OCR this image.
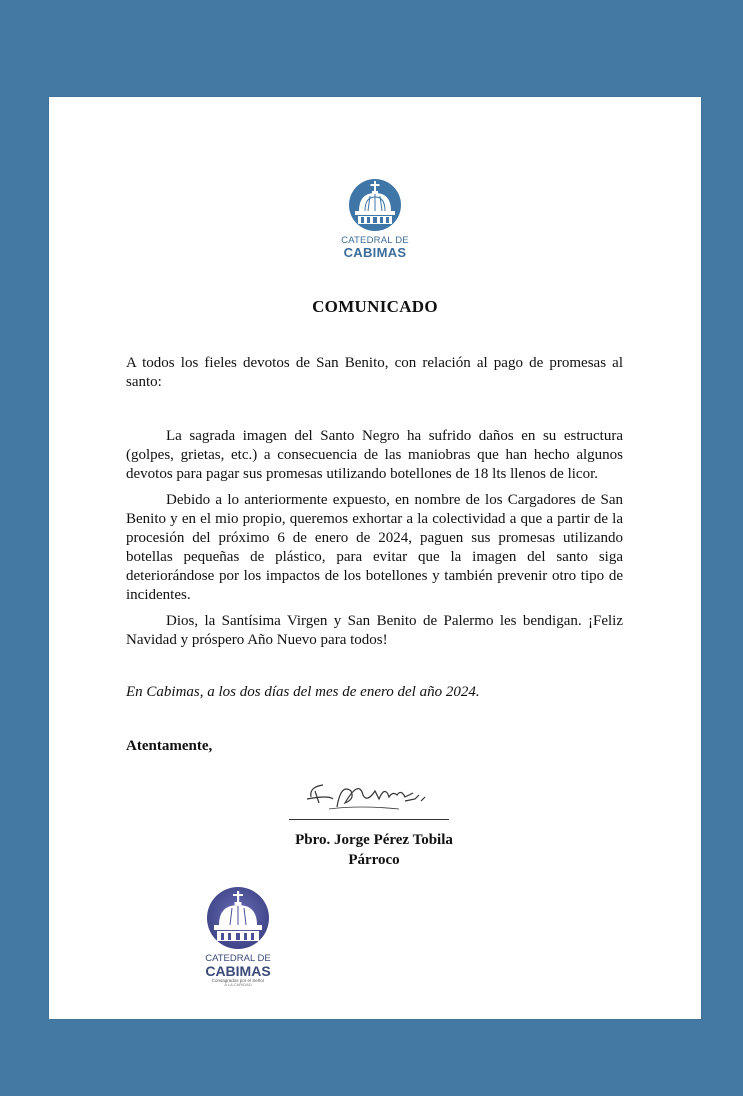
CATEDRAL DE
CABIMAS
COMUNICADO
A todos los fieles devotos de San Benito, con relación al pago de promesas al santo:
La sagrada imagen del Santo Negro ha sufrido daños en su estructura (golpes, grietas, etc.) a consecuencia de las maniobras que han hecho algunos devotos para pagar sus promesas utilizando botellones de 18 lts llenos de licor.
Debido a lo anteriormente expuesto, en nombre de los Cargadores de San Benito y en el mio propio, queremos exhortar a la colectividad a que a partir de la procesión del próximo 6 de enero de 2024, paguen sus promesas utilizando botellas pequeñas de plástico, para evitar que la imagen del santo siga deteriorándose por los impactos de los botellones y también prevenir otro tipo de incidentes.
Dios, la Santísima Virgen y San Benito de Palermo les bendigan. ¡Feliz Navidad y próspero Año Nuevo para todos!
En Cabimas, a los dos días del mes de enero del año 2024.
Atentamente,
Pbro. Jorge Pérez Tobila
Párroco
CATEDRAL DE
CABIMAS
Consagrados por el Señor
A LA CARIDAD
